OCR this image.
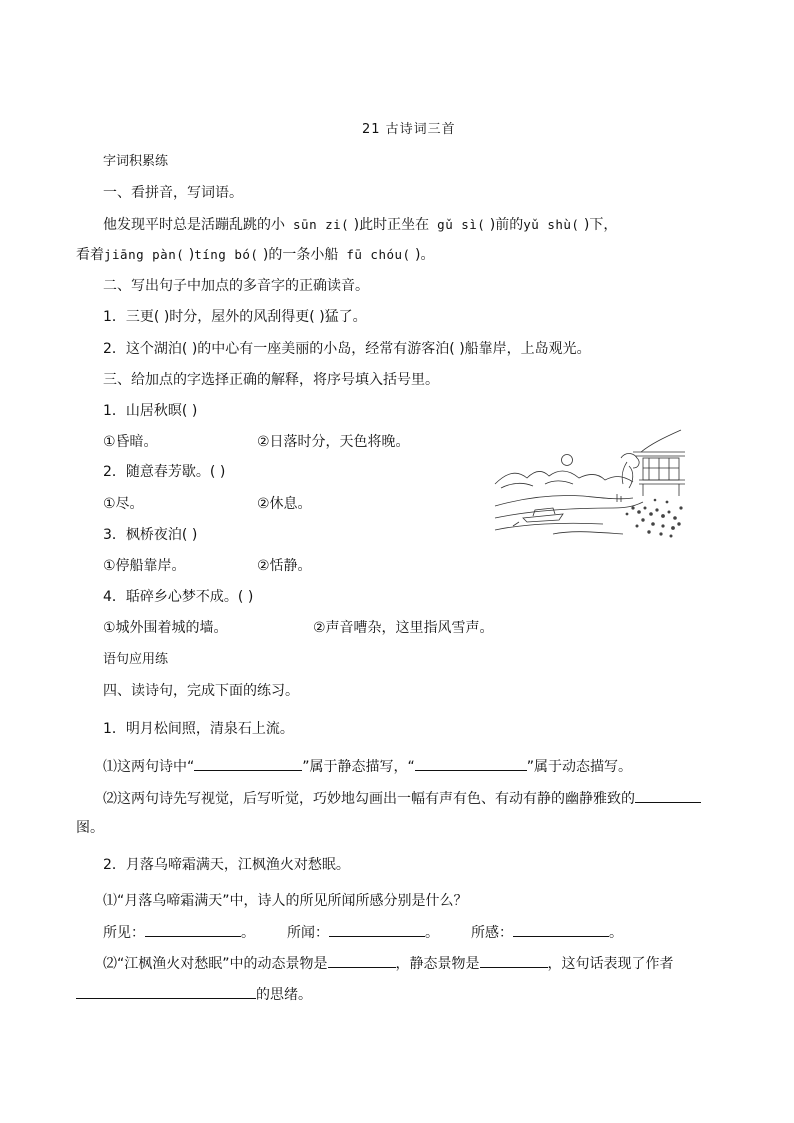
21 古诗词三首
字词积累练
一、看拼音，写词语。
他发现平时总是活蹦乱跳的小 sūn zi( )此时正坐在 gǔ sì( )前的yǔ shù( )下，
看着jiāng pàn( )tíng bó( )的一条小船 fū chóu( )。
二、写出句子中加点的多音字的正确读音。
1．三更( )时分，屋外的风刮得更( )猛了。
2．这个湖泊( )的中心有一座美丽的小岛，经常有游客泊( )船靠岸，上岛观光。
三、给加点的字选择正确的解释，将序号填入括号里。
1．山居秋暝( )
①昏暗。	②日落时分，天色将晚。
2．随意春芳歇。( )
①尽。	②休息。
3．枫桥夜泊( )
①停船靠岸。	②恬静。
4．聒碎乡心梦不成。( )
①城外围着城的墙。	②声音嘈杂，这里指风雪声。
语句应用练
四、读诗句，完成下面的练习。
1．明月松间照，清泉石上流。
⑴这两句诗中“	”属于静态描写，“	”属于动态描写。
⑵这两句诗先写视觉，后写听觉，巧妙地勾画出一幅有声有色、有动有静的幽静雅致的
图。
2．月落乌啼霜满天，江枫渔火对愁眠。
⑴“月落乌啼霜满天”中，诗人的所见所闻所感分别是什么？
所见：	。 所闻：	。 所感：	。
⑵“江枫渔火对愁眠”中的动态景物是	，静态景物是	，这句话表现了作者
的思绪。
